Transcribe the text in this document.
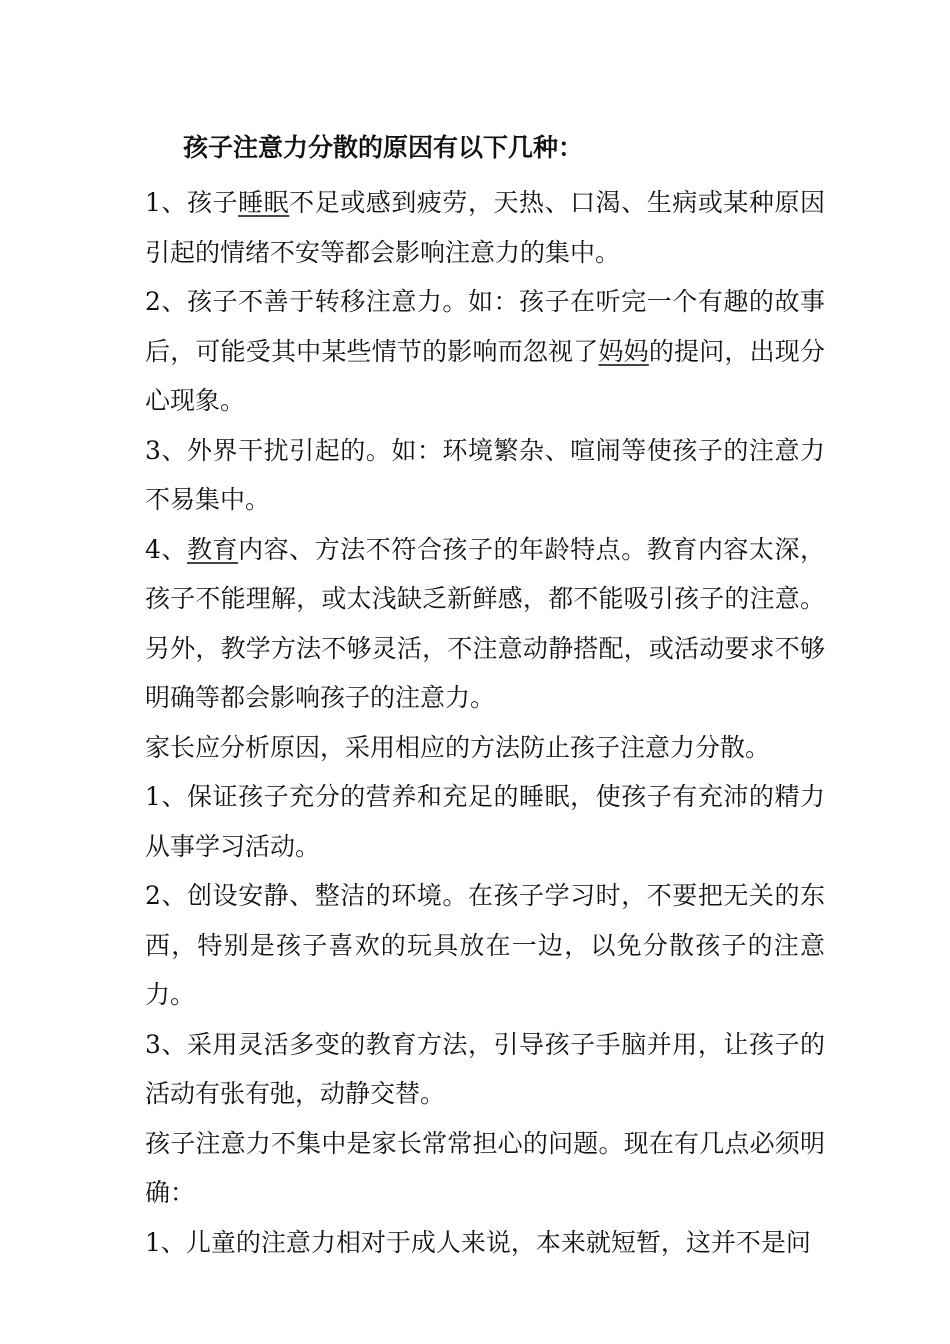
孩子注意力分散的原因有以下几种：

1、孩子睡眠不足或感到疲劳，天热、口渴、生病或某种原因引起的情绪不安等都会影响注意力的集中。

2、孩子不善于转移注意力。如：孩子在听完一个有趣的故事后，可能受其中某些情节的影响而忽视了妈妈的提问，出现分心现象。

3、外界干扰引起的。如：环境繁杂、喧闹等使孩子的注意力不易集中。

4、教育内容、方法不符合孩子的年龄特点。教育内容太深，孩子不能理解，或太浅缺乏新鲜感，都不能吸引孩子的注意。另外，教学方法不够灵活，不注意动静搭配，或活动要求不够明确等都会影响孩子的注意力。

家长应分析原因，采用相应的方法防止孩子注意力分散。

1、保证孩子充分的营养和充足的睡眠，使孩子有充沛的精力从事学习活动。

2、创设安静、整洁的环境。在孩子学习时，不要把无关的东西，特别是孩子喜欢的玩具放在一边，以免分散孩子的注意力。

3、采用灵活多变的教育方法，引导孩子手脑并用，让孩子的活动有张有弛，动静交替。

孩子注意力不集中是家长常常担心的问题。现在有几点必须明确：

1、儿童的注意力相对于成人来说，本来就短暂，这并不是问
